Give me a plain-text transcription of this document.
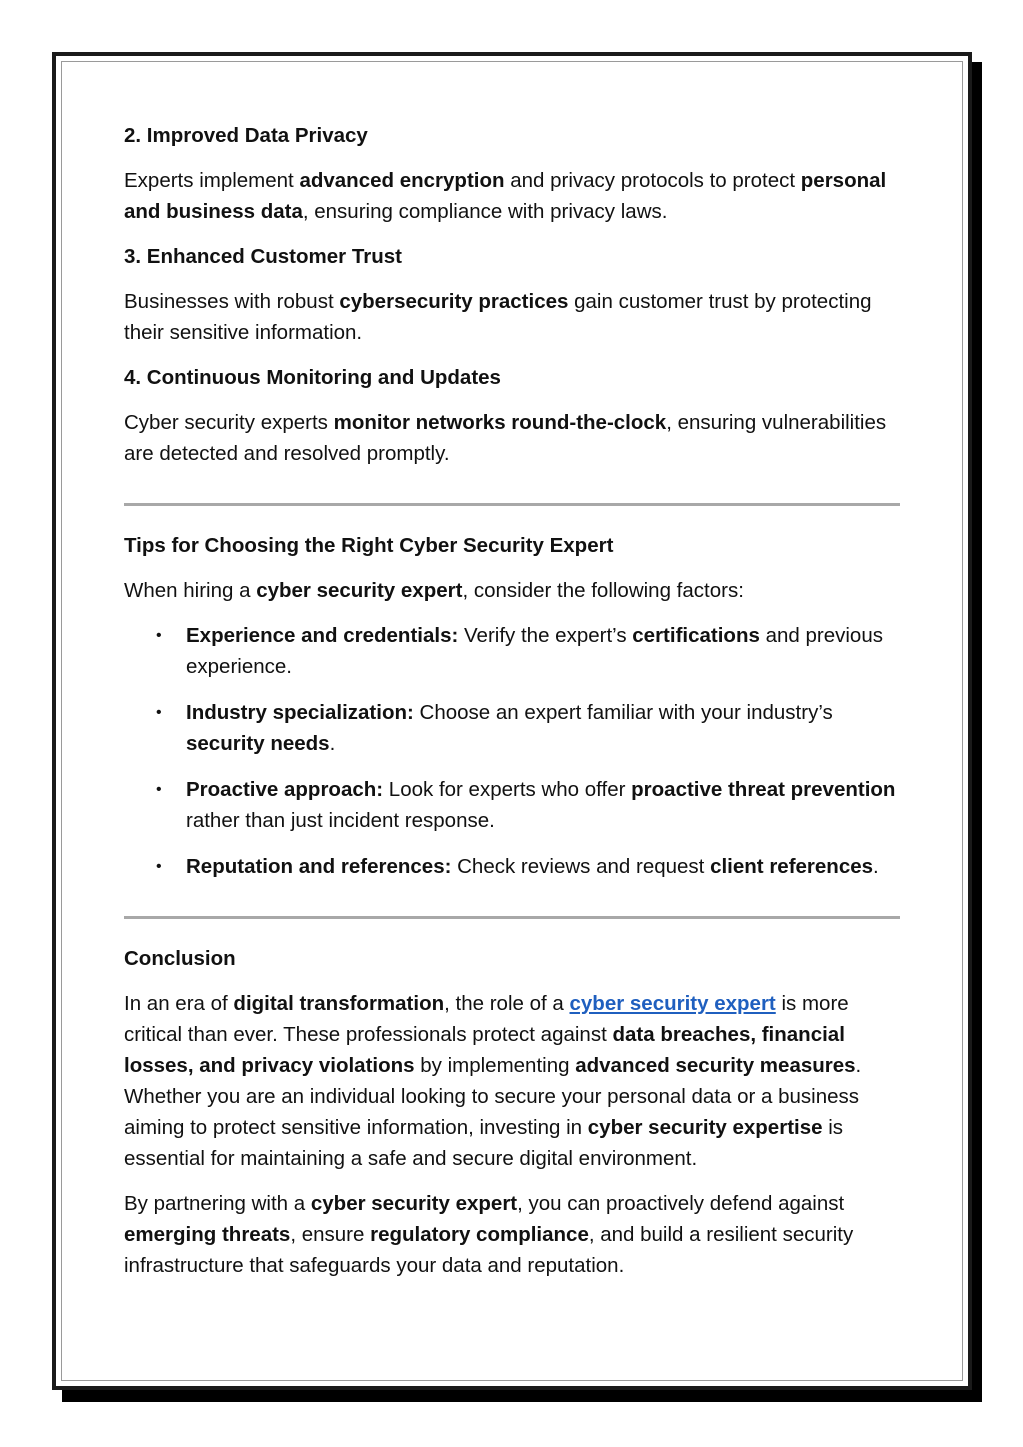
2. Improved Data Privacy

Experts implement advanced encryption and privacy protocols to protect personal and business data, ensuring compliance with privacy laws.

3. Enhanced Customer Trust

Businesses with robust cybersecurity practices gain customer trust by protecting their sensitive information.

4. Continuous Monitoring and Updates

Cyber security experts monitor networks round-the-clock, ensuring vulnerabilities are detected and resolved promptly.

Tips for Choosing the Right Cyber Security Expert

When hiring a cyber security expert, consider the following factors:

• Experience and credentials: Verify the expert’s certifications and previous experience.
• Industry specialization: Choose an expert familiar with your industry’s security needs.
• Proactive approach: Look for experts who offer proactive threat prevention rather than just incident response.
• Reputation and references: Check reviews and request client references.
Conclusion

In an era of digital transformation, the role of a cyber security expert is more critical than ever. These professionals protect against data breaches, financial losses, and privacy violations by implementing advanced security measures. Whether you are an individual looking to secure your personal data or a business aiming to protect sensitive information, investing in cyber security expertise is essential for maintaining a safe and secure digital environment.

By partnering with a cyber security expert, you can proactively defend against emerging threats, ensure regulatory compliance, and build a resilient security infrastructure that safeguards your data and reputation.
